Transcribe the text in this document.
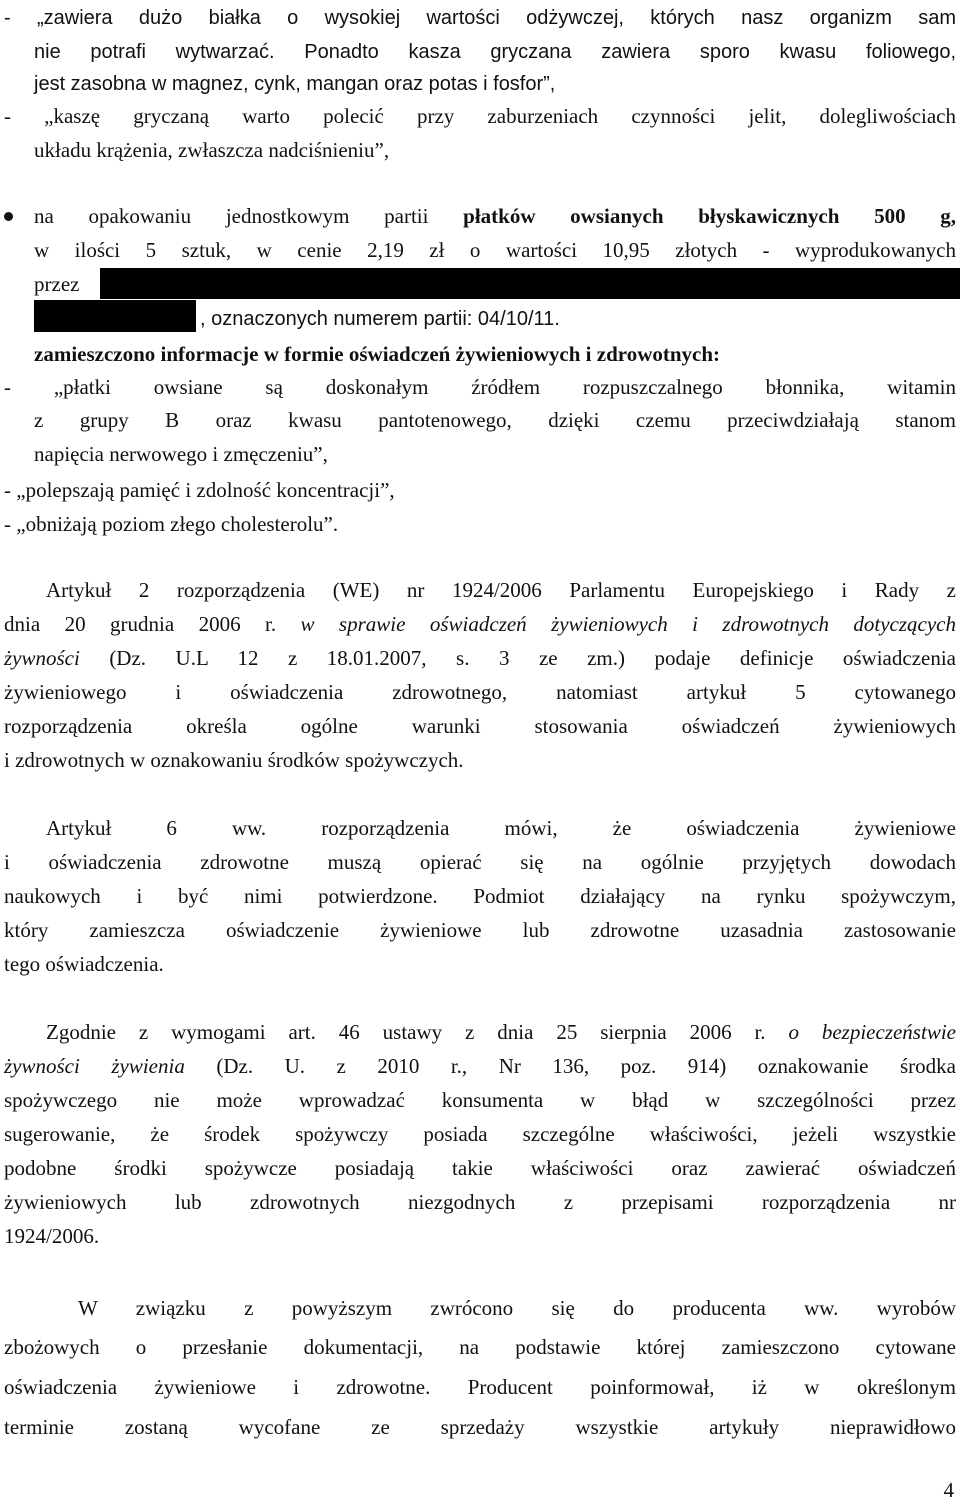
- „zawiera dużo białka o wysokiej wartości odżywczej, których nasz organizm sam
nie potrafi wytwarzać. Ponadto kasza gryczana zawiera sporo kwasu foliowego,
jest zasobna w magnez, cynk, mangan oraz potas i fosfor”,
- „kaszę gryczaną warto polecić przy zaburzeniach czynności jelit, dolegliwościach
układu krążenia, zwłaszcza nadciśnieniu”,
na opakowaniu jednostkowym partii płatków owsianych błyskawicznych 500 g,
w ilości 5 sztuk, w cenie 2,19 zł o wartości 10,95 złotych - wyprodukowanych
przez
, oznaczonych numerem partii: 04/10/11.
zamieszczono informacje w formie oświadczeń żywieniowych i zdrowotnych:
- „płatki owsiane są doskonałym źródłem rozpuszczalnego błonnika, witamin
z grupy B oraz kwasu pantotenowego, dzięki czemu przeciwdziałają stanom
napięcia nerwowego i zmęczeniu”,
- „polepszają pamięć i zdolność koncentracji”,
- „obniżają poziom złego cholesterolu”.
Artykuł 2 rozporządzenia (WE) nr 1924/2006 Parlamentu Europejskiego i Rady z
dnia 20 grudnia 2006 r. w sprawie oświadczeń żywieniowych i zdrowotnych dotyczących
żywności (Dz. U.L 12 z 18.01.2007, s. 3 ze zm.) podaje definicje oświadczenia
żywieniowego i oświadczenia zdrowotnego, natomiast artykuł 5 cytowanego
rozporządzenia określa ogólne warunki stosowania oświadczeń żywieniowych
i zdrowotnych w oznakowaniu środków spożywczych.
Artykuł 6 ww. rozporządzenia mówi, że oświadczenia żywieniowe
i oświadczenia zdrowotne muszą opierać się na ogólnie przyjętych dowodach
naukowych i być nimi potwierdzone. Podmiot działający na rynku spożywczym,
który zamieszcza oświadczenie żywieniowe lub zdrowotne uzasadnia zastosowanie
tego oświadczenia.
Zgodnie z wymogami art. 46 ustawy z dnia 25 sierpnia 2006 r. o bezpieczeństwie
żywności żywienia (Dz. U. z 2010 r., Nr 136, poz. 914) oznakowanie środka
spożywczego nie może wprowadzać konsumenta w błąd w szczególności przez
sugerowanie, że środek spożywczy posiada szczególne właściwości, jeżeli wszystkie
podobne środki spożywcze posiadają takie właściwości oraz zawierać oświadczeń
żywieniowych lub zdrowotnych niezgodnych z przepisami rozporządzenia nr
1924/2006.
W związku z powyższym zwrócono się do producenta ww. wyrobów
zbożowych o przesłanie dokumentacji, na podstawie której zamieszczono cytowane
oświadczenia żywieniowe i zdrowotne. Producent poinformował, iż w określonym
terminie zostaną wycofane ze sprzedaży wszystkie artykuły nieprawidłowo
4
